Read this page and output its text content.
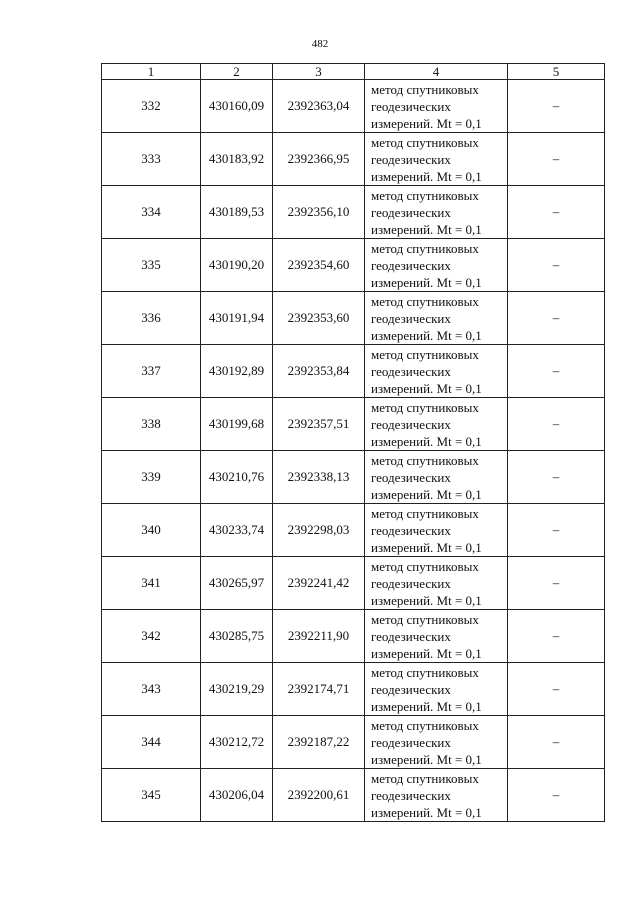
482
1	2	3	4	5
332	430160,09	2392363,04	метод спутниковых
геодезических
измерений. Mt = 0,1	–
333	430183,92	2392366,95	метод спутниковых
геодезических
измерений. Mt = 0,1	–
334	430189,53	2392356,10	метод спутниковых
геодезических
измерений. Mt = 0,1	–
335	430190,20	2392354,60	метод спутниковых
геодезических
измерений. Mt = 0,1	–
336	430191,94	2392353,60	метод спутниковых
геодезических
измерений. Mt = 0,1	–
337	430192,89	2392353,84	метод спутниковых
геодезических
измерений. Mt = 0,1	–
338	430199,68	2392357,51	метод спутниковых
геодезических
измерений. Mt = 0,1	–
339	430210,76	2392338,13	метод спутниковых
геодезических
измерений. Mt = 0,1	–
340	430233,74	2392298,03	метод спутниковых
геодезических
измерений. Mt = 0,1	–
341	430265,97	2392241,42	метод спутниковых
геодезических
измерений. Mt = 0,1	–
342	430285,75	2392211,90	метод спутниковых
геодезических
измерений. Mt = 0,1	–
343	430219,29	2392174,71	метод спутниковых
геодезических
измерений. Mt = 0,1	–
344	430212,72	2392187,22	метод спутниковых
геодезических
измерений. Mt = 0,1	–
345	430206,04	2392200,61	метод спутниковых
геодезических
измерений. Mt = 0,1	–
